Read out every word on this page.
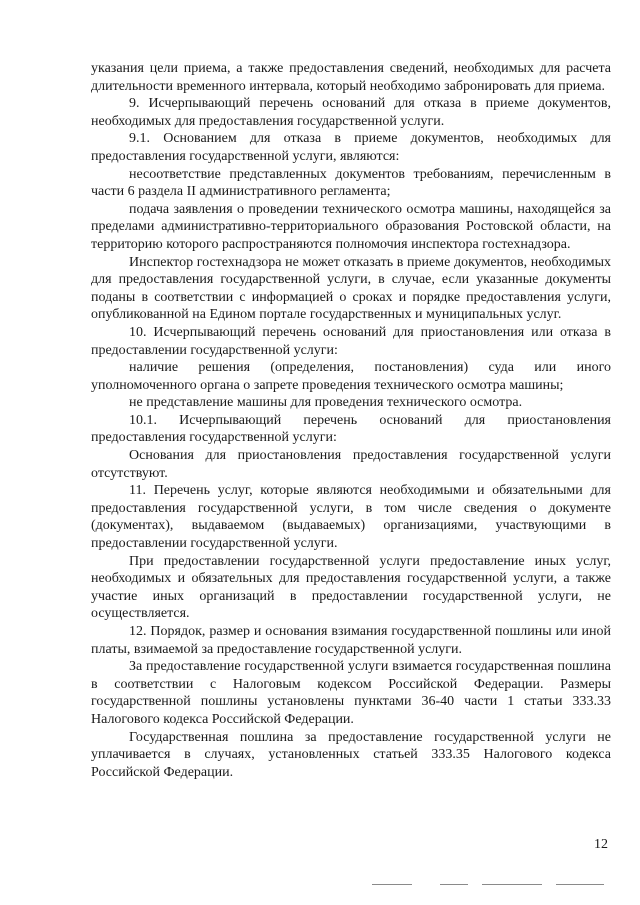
указания цели приема, а также предоставления сведений, необходимых для расчета длительности временного интервала, который необходимо забронировать для приема.

9. Исчерпывающий перечень оснований для отказа в приеме документов, необходимых для предоставления государственной услуги.

9.1. Основанием для отказа в приеме документов, необходимых для предоставления государственной услуги, являются:

несоответствие представленных документов требованиям, перечисленным в части 6 раздела II административного регламента;

подача заявления о проведении технического осмотра машины, находящейся за пределами административно-территориального образования Ростовской области, на территорию которого распространяются полномочия инспектора гостехнадзора.

Инспектор гостехнадзора не может отказать в приеме документов, необходимых для предоставления государственной услуги, в случае, если указанные документы поданы в соответствии с информацией о сроках и порядке предоставления услуги, опубликованной на Едином портале государственных и муниципальных услуг.

10. Исчерпывающий перечень оснований для приостановления или отказа в предоставлении государственной услуги:

наличие решения (определения, постановления) суда или иного уполномоченного органа о запрете проведения технического осмотра машины;

не представление машины для проведения технического осмотра.

10.1. Исчерпывающий перечень оснований для приостановления предоставления государственной услуги:

Основания для приостановления предоставления государственной услуги отсутствуют.

11. Перечень услуг, которые являются необходимыми и обязательными для предоставления государственной услуги, в том числе сведения о документе (документах), выдаваемом (выдаваемых) организациями, участвующими в предоставлении государственной услуги.

При предоставлении государственной услуги предоставление иных услуг, необходимых и обязательных для предоставления государственной услуги, а также участие иных организаций в предоставлении государственной услуги, не осуществляется.

12. Порядок, размер и основания взимания государственной пошлины или иной платы, взимаемой за предоставление государственной услуги.

За предоставление государственной услуги взимается государственная пошлина в соответствии с Налоговым кодексом Российской Федерации. Размеры государственной пошлины установлены пунктами 36-40 части 1 статьи 333.33 Налогового кодекса Российской Федерации.

Государственная пошлина за предоставление государственной услуги не уплачивается в случаях, установленных статьей 333.35 Налогового кодекса Российской Федерации.

12
